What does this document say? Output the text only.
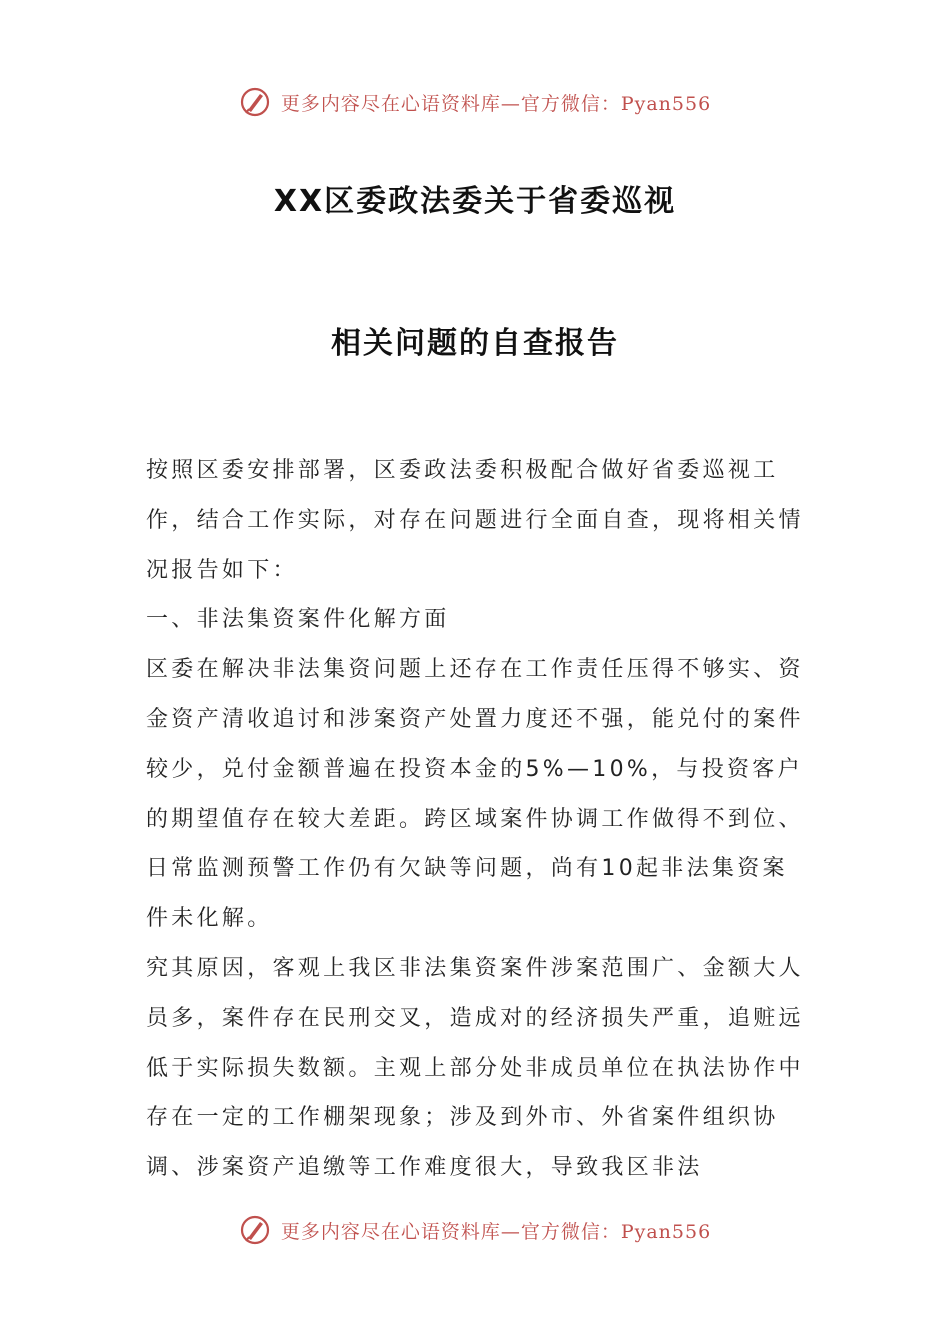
更多内容尽在心语资料库—官方微信：Pyan556
XX区委政法委关于省委巡视
相关问题的自查报告

按照区委安排部署，区委政法委积极配合做好省委巡视工作，结合工作实际，对存在问题进行全面自查，现将相关情况报告如下：

一、非法集资案件化解方面

区委在解决非法集资问题上还存在工作责任压得不够实、资金资产清收追讨和涉案资产处置力度还不强，能兑付的案件较少，兑付金额普遍在投资本金的5%—10%，与投资客户的期望值存在较大差距。跨区域案件协调工作做得不到位、日常监测预警工作仍有欠缺等问题，尚有10起非法集资案件未化解。

究其原因，客观上我区非法集资案件涉案范围广、金额大人员多，案件存在民刑交叉，造成对的经济损失严重，追赃远低于实际损失数额。主观上部分处非成员单位在执法协作中存在一定的工作棚架现象；涉及到外市、外省案件组织协调、涉案资产追缴等工作难度很大，导致我区非法

更多内容尽在心语资料库—官方微信：Pyan556
